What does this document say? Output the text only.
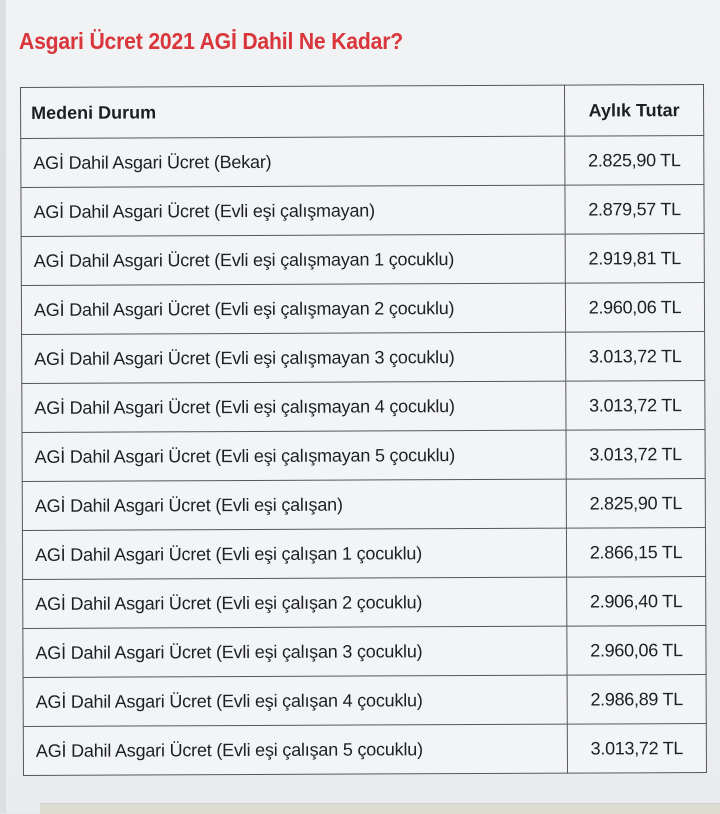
Asgari Ücret 2021 AGİ Dahil Ne Kadar?
Medeni Durum	Aylık Tutar
AGİ Dahil Asgari Ücret (Bekar)	2.825,90 TL
AGİ Dahil Asgari Ücret (Evli eşi çalışmayan)	2.879,57 TL
AGİ Dahil Asgari Ücret (Evli eşi çalışmayan 1 çocuklu)	2.919,81 TL
AGİ Dahil Asgari Ücret (Evli eşi çalışmayan 2 çocuklu)	2.960,06 TL
AGİ Dahil Asgari Ücret (Evli eşi çalışmayan 3 çocuklu)	3.013,72 TL
AGİ Dahil Asgari Ücret (Evli eşi çalışmayan 4 çocuklu)	3.013,72 TL
AGİ Dahil Asgari Ücret (Evli eşi çalışmayan 5 çocuklu)	3.013,72 TL
AGİ Dahil Asgari Ücret (Evli eşi çalışan)	2.825,90 TL
AGİ Dahil Asgari Ücret (Evli eşi çalışan 1 çocuklu)	2.866,15 TL
AGİ Dahil Asgari Ücret (Evli eşi çalışan 2 çocuklu)	2.906,40 TL
AGİ Dahil Asgari Ücret (Evli eşi çalışan 3 çocuklu)	2.960,06 TL
AGİ Dahil Asgari Ücret (Evli eşi çalışan 4 çocuklu)	2.986,89 TL
AGİ Dahil Asgari Ücret (Evli eşi çalışan 5 çocuklu)	3.013,72 TL
